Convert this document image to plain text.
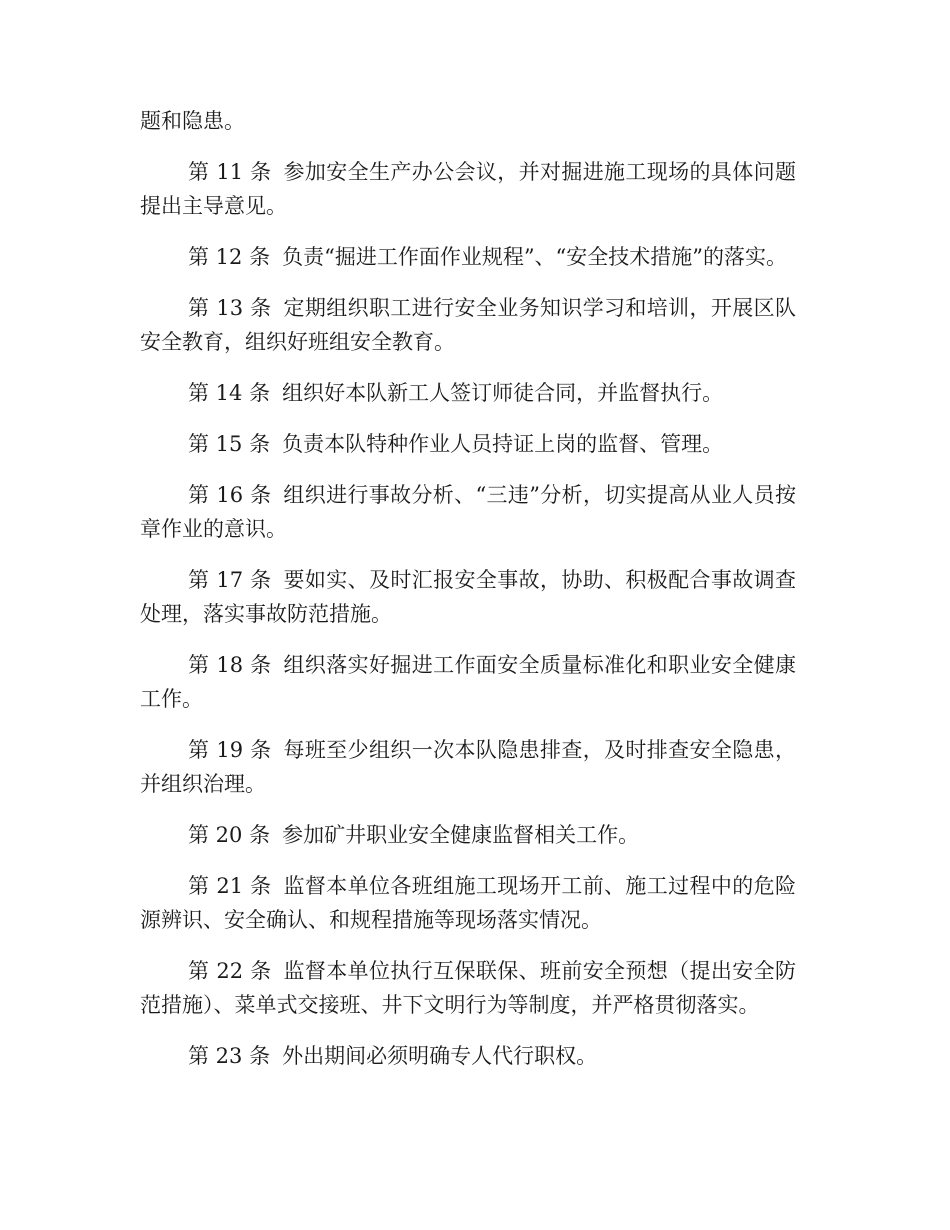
题和隐患。

第 11 条 参加安全生产办公会议，并对掘进施工现场的具体问题提出主导意见。

第 12 条 负责“掘进工作面作业规程”、“安全技术措施”的落实。

第 13 条 定期组织职工进行安全业务知识学习和培训，开展区队安全教育，组织好班组安全教育。

第 14 条 组织好本队新工人签订师徒合同，并监督执行。

第 15 条 负责本队特种作业人员持证上岗的监督、管理。

第 16 条 组织进行事故分析、“三违”分析，切实提高从业人员按章作业的意识。

第 17 条 要如实、及时汇报安全事故，协助、积极配合事故调查处理，落实事故防范措施。

第 18 条 组织落实好掘进工作面安全质量标准化和职业安全健康工作。

第 19 条 每班至少组织一次本队隐患排查，及时排查安全隐患，并组织治理。

第 20 条 参加矿井职业安全健康监督相关工作。

第 21 条 监督本单位各班组施工现场开工前、施工过程中的危险源辨识、安全确认、和规程措施等现场落实情况。

第 22 条 监督本单位执行互保联保、班前安全预想（提出安全防范措施）、菜单式交接班、井下文明行为等制度，并严格贯彻落实。

第 23 条 外出期间必须明确专人代行职权。
